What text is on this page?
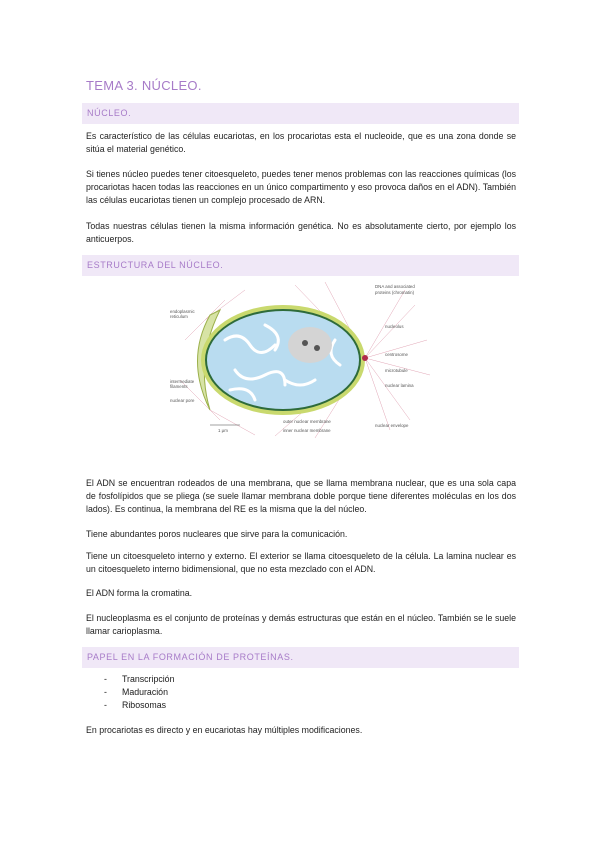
TEMA 3. NÚCLEO.
NÚCLEO.

Es característico de las células eucariotas, en los procariotas esta el nucleoide, que es una zona donde se sitúa el material genético.

Si tienes núcleo puedes tener citoesqueleto, puedes tener menos problemas con las reacciones químicas (los procariotas hacen todas las reacciones en un único compartimento y eso provoca daños en el ADN). También las células eucariotas tienen un complejo procesado de ARN.

Todas nuestras células tienen la misma información genética. No es absolutamente cierto, por ejemplo los anticuerpos.

ESTRUCTURA DEL NÚCLEO.
DNA and associated
proteins (chromatin)
endoplasmic
reticulum
nucleolus
centrosome
microtubule
intermediate
filaments	nuclear lamina
nuclear pore
outer nuclear membrane
inner nuclear membrane
nuclear envelope
1 μm

El ADN se encuentran rodeados de una membrana, que se llama membrana nuclear, que es una sola capa de fosfolípidos que se pliega (se suele llamar membrana doble porque tiene diferentes moléculas en los dos lados). Es continua, la membrana del RE es la misma que la del núcleo.

Tiene abundantes poros nucleares que sirve para la comunicación.

Tiene un citoesqueleto interno y externo. El exterior se llama citoesqueleto de la célula. La lamina nuclear es un citoesqueleto interno bidimensional, que no esta mezclado con el ADN.

El ADN forma la cromatina.

El nucleoplasma es el conjunto de proteínas y demás estructuras que están en el núcleo. También se le suele llamar carioplasma.

PAPEL EN LA FORMACIÓN DE PROTEÍNAS.
- Transcripción
- Maduración
- Ribosomas

En procariotas es directo y en eucariotas hay múltiples modificaciones.
